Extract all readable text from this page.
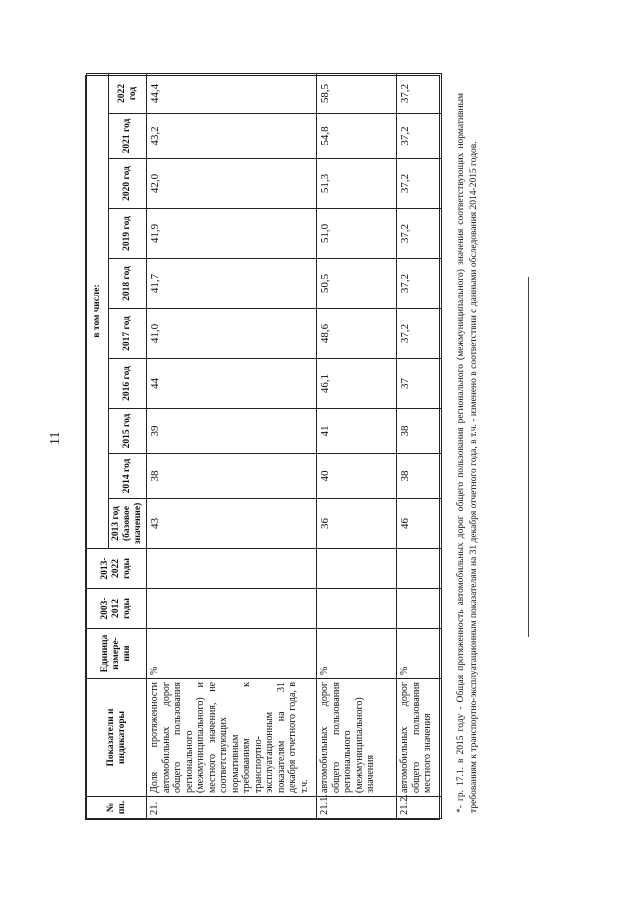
11
№ пп.	Показатели и индикаторы	Единица измере-ния	2003-2012 годы	2013-2022 годы	в том числе:									
					2013 год (базовое значение)	2014 год	2015 год	2016 год	2017 год	2018 год	2019 год	2020 год	2021 год	2022 год
21.	Доля протяженности автомобильных дорог общего пользования регионального (межмуниципального) и местного значения, не соответствующих нормативным требованиям к транспортно-эксплуатационным показателям на 31 декабря отчетного года, в т.ч.	%			43	38	39	44	41,0	41,7	41,9	42,0	43,2	44,4
21.1.	автомобильных дорог общего пользования регионального (межмуниципального) значения	%			36	40	41	46,1	48,6	50,5	51,0	51,3	54,8	58,5
21.2.	автомобильных дорог общего пользования местного значения	%			46	38	38	37	37,2	37,2	37,2	37,2	37,2	37,2	*- гр. 17.1. в 2015 году - Общая протяженность автомобильных дорог общего пользования регионального (межмуниципального) значения соответствующих нормативным требованиям к транспортно-эксплуатационным показателям на 31 декабря отчетного года, в т.ч. - изменено в соответствии с данными обследования 2014-2015 годов.
